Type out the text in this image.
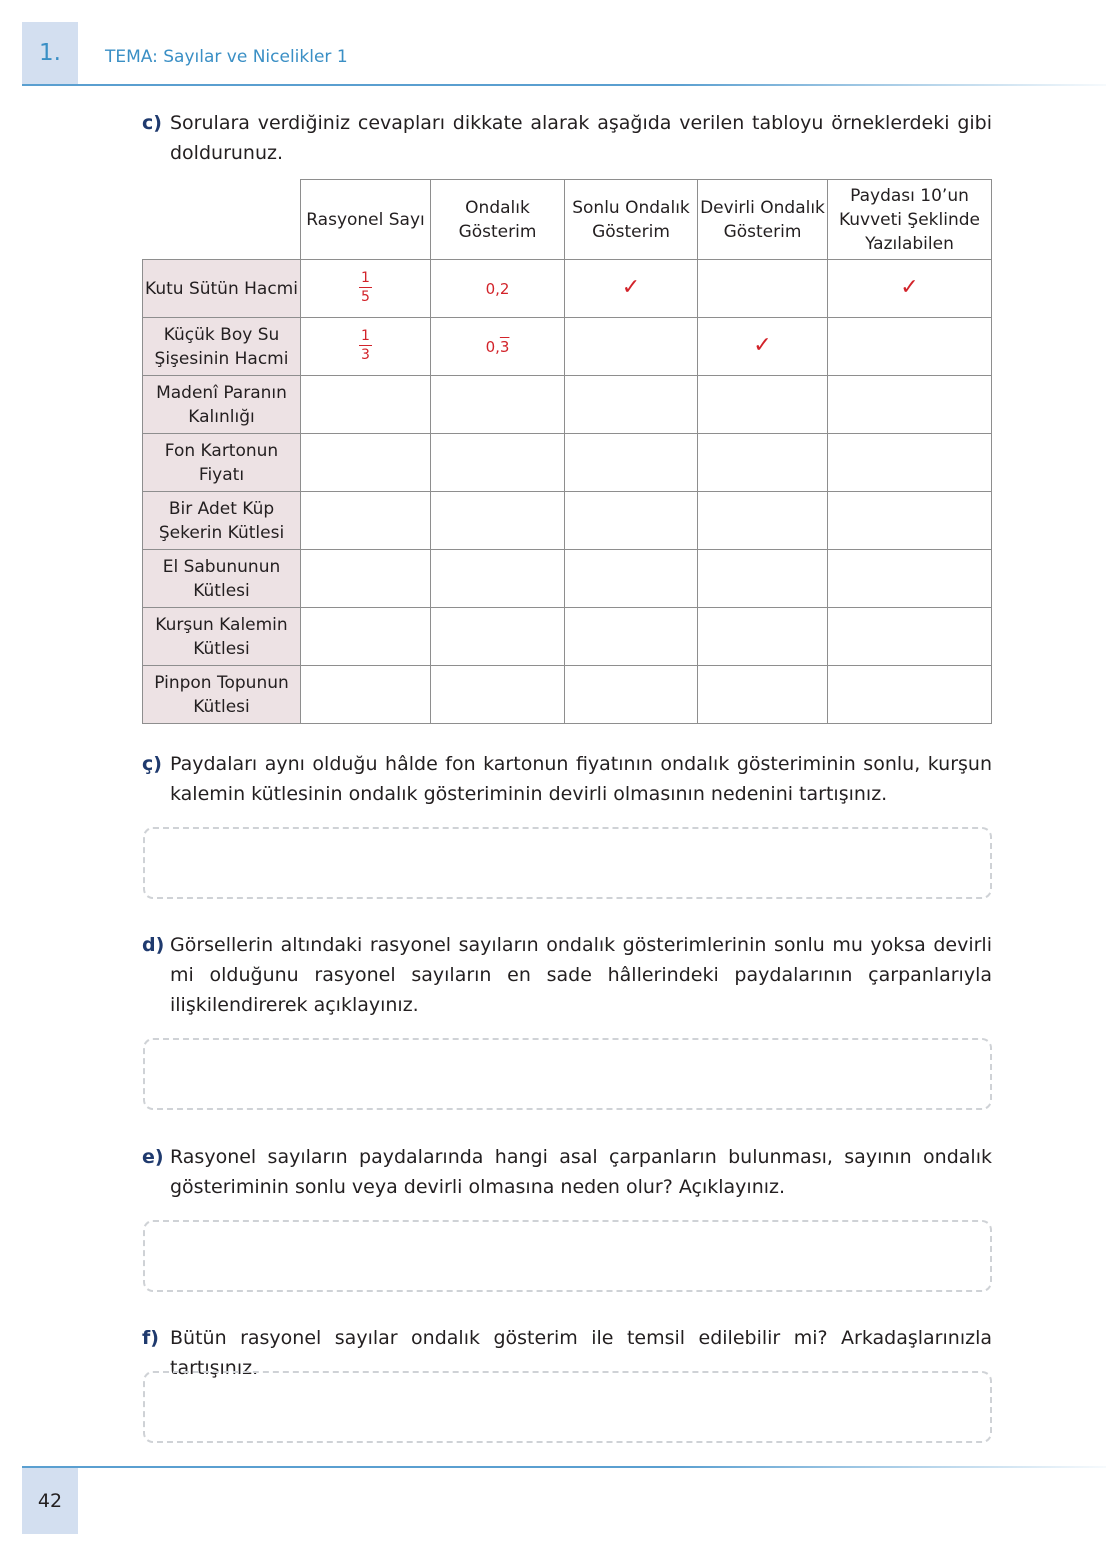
1.	TEMA: Sayılar ve Nicelikler 1
c) Sorulara verdiğiniz cevapları dikkate alarak aşağıda verilen tabloyu örneklerdeki gibi doldurunuz.
	Rasyonel Sayı	Ondalık Gösterim	Sonlu Ondalık Gösterim	Devirli Ondalık Gösterim	Paydası 10’un Kuvveti Şeklinde Yazılabilen
Kutu Sütün Hacmi	$\frac{1}{5}$	0,2	✓		✓
Küçük Boy Su Şişesinin Hacmi	$\frac{1}{3}$	0,3		✓	
Madenî Paranın Kalınlığı					
Fon Kartonun Fiyatı					
Bir Adet Küp Şekerin Kütlesi					
El Sabununun Kütlesi					
Kurşun Kalemin Kütlesi					
Pinpon Topunun Kütlesi					
ç) Paydaları aynı olduğu hâlde fon kartonun fiyatının ondalık gösteriminin sonlu, kurşun kalemin kütlesinin ondalık gösteriminin devirli olmasının nedenini tartışınız.
d) Görsellerin altındaki rasyonel sayıların ondalık gösterimlerinin sonlu mu yoksa devirli mi olduğunu rasyonel sayıların en sade hâllerindeki paydalarının çarpanlarıyla ilişkilendirerek açıklayınız.
e) Rasyonel sayıların paydalarında hangi asal çarpanların bulunması, sayının ondalık gösteriminin sonlu veya devirli olmasına neden olur? Açıklayınız.
f) Bütün rasyonel sayılar ondalık gösterim ile temsil edilebilir mi? Arkadaşlarınızla tartışınız.
42
